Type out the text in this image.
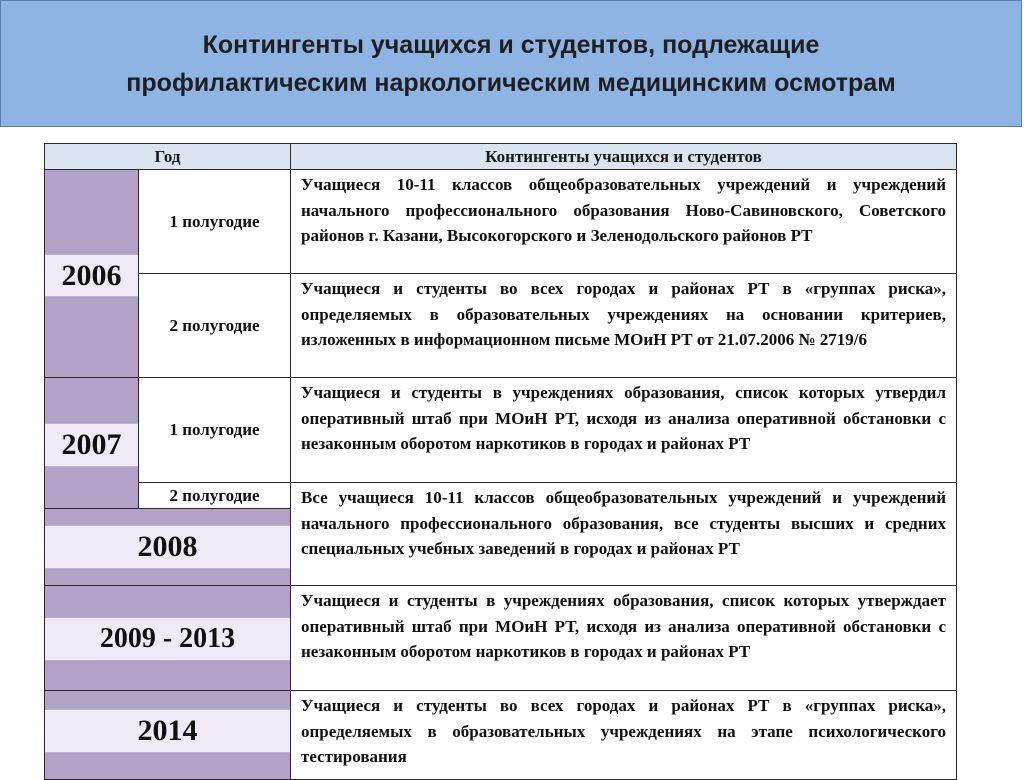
Контингенты учащихся и студентов, подлежащие
профилактическим наркологическим медицинским осмотрам
Год	Контингенты учащихся и студентов
2006
1 полугодие
2 полугодие
Учащиеся 10-11 классов общеобразовательных учреждений и учреждений начального профессионального образования Ново-Савиновского, Советского районов г. Казани, Высокогорского и Зеленодольского районов РТ
Учащиеся и студенты во всех городах и районах РТ в «группах риска», определяемых в образовательных учреждениях на основании критериев, изложенных в информационном письме МОиН РТ от 21.07.2006 № 2719/6
2007	1 полугодие
2 полугодие
Учащиеся и студенты в учреждениях образования, список которых утвердил оперативный штаб при МОиН РТ, исходя из анализа оперативной обстановки с незаконным оборотом наркотиков в городах и районах РТ
2008
Все учащиеся 10-11 классов общеобразовательных учреждений и учреждений начального профессионального образования, все студенты высших и средних специальных учебных заведений в городах и районах РТ
2009 - 2013
Учащиеся и студенты в учреждениях образования, список которых утверждает оперативный штаб при МОиН РТ, исходя из анализа оперативной обстановки с незаконным оборотом наркотиков в городах и районах РТ
2014
Учащиеся и студенты во всех городах и районах РТ в «группах риска», определяемых в образовательных учреждениях на этапе психологического тестирования
